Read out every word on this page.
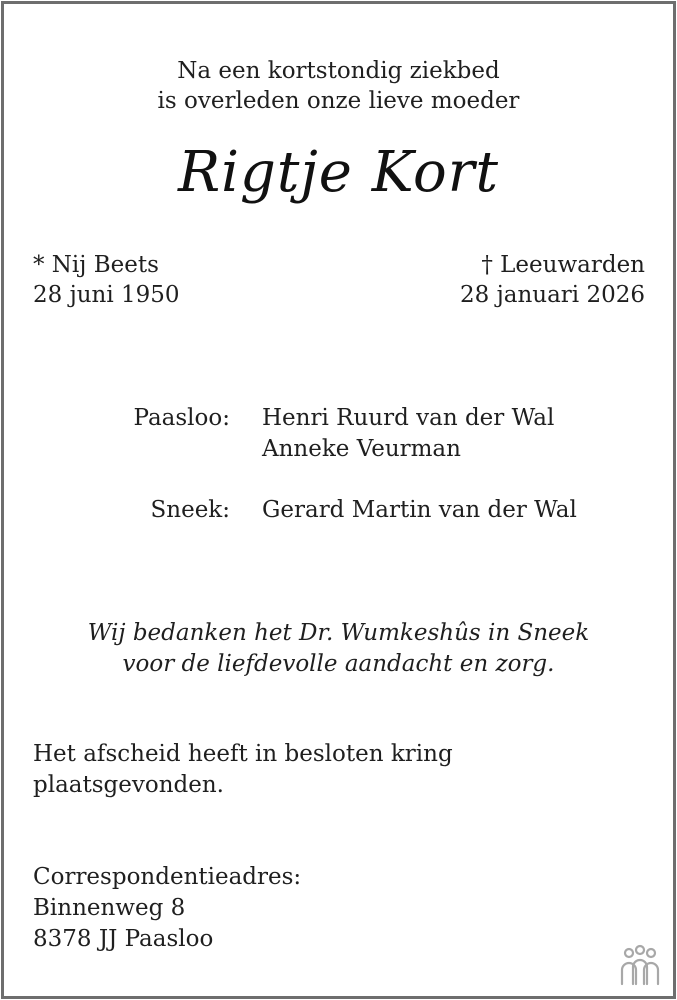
Na een kortstondig ziekbed
is overleden onze lieve moeder
Rigtje Kort
* Nij Beets
28 juni 1950
† Leeuwarden
28 januari 2026
Paasloo: Henri Ruurd van der Wal
Anneke Veurman
Sneek: Gerard Martin van der Wal
Wij bedanken het Dr. Wumkeshûs in Sneek
voor de liefdevolle aandacht en zorg.
Het afscheid heeft in besloten kring
plaatsgevonden.
Correspondentieadres:
Binnenweg 8
8378 JJ Paasloo
